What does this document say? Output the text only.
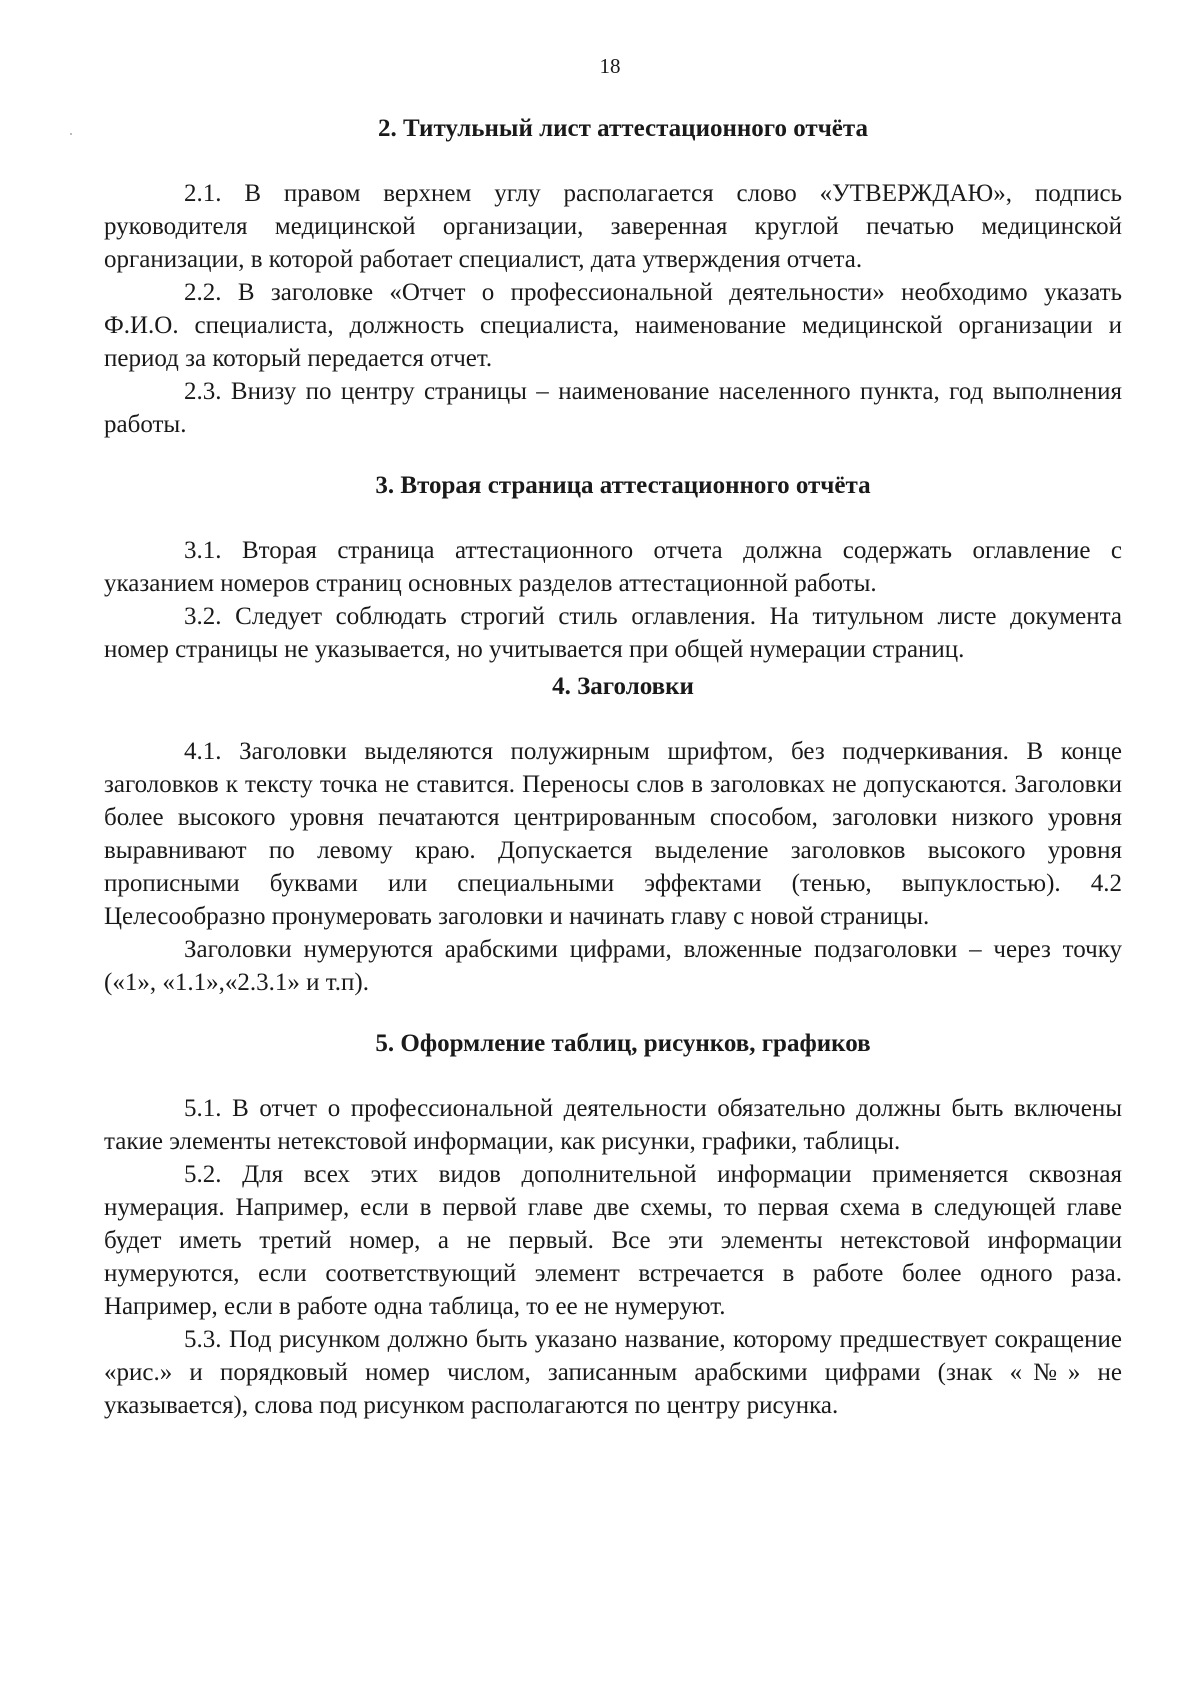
18
2. Титульный лист аттестационного отчёта

2.1. В правом верхнем углу располагается слово «УТВЕРЖДАЮ», подпись руководителя медицинской организации, заверенная круглой печатью медицинской организации, в которой работает специалист, дата утверждения отчета.

2.2. В заголовке «Отчет о профессиональной деятельности» необходимо указать Ф.И.О. специалиста, должность специалиста, наименование медицинской организации и период за который передается отчет.

2.3. Внизу по центру страницы – наименование населенного пункта, год выполнения работы.

3. Вторая страница аттестационного отчёта

3.1. Вторая страница аттестационного отчета должна содержать оглавление с указанием номеров страниц основных разделов аттестационной работы.

3.2. Следует соблюдать строгий стиль оглавления. На титульном листе документа номер страницы не указывается, но учитывается при общей нумерации страниц.

4. Заголовки

4.1. Заголовки выделяются полужирным шрифтом, без подчеркивания. В конце заголовков к тексту точка не ставится. Переносы слов в заголовках не допускаются. Заголовки более высокого уровня печатаются центрированным способом, заголовки низкого уровня выравнивают по левому краю. Допускается выделение заголовков высокого уровня прописными буквами или специальными эффектами (тенью, выпуклостью). 4.2 Целесообразно пронумеровать заголовки и начинать главу с новой страницы.

Заголовки нумеруются арабскими цифрами, вложенные подзаголовки – через точку («1», «1.1»,«2.3.1» и т.п).

5. Оформление таблиц, рисунков, графиков

5.1. В отчет о профессиональной деятельности обязательно должны быть включены такие элементы нетекстовой информации, как рисунки, графики, таблицы.

5.2. Для всех этих видов дополнительной информации применяется сквозная нумерация. Например, если в первой главе две схемы, то первая схема в следующей главе будет иметь третий номер, а не первый. Все эти элементы нетекстовой информации нумеруются, если соответствующий элемент встречается в работе более одного раза. Например, если в работе одна таблица, то ее не нумеруют.

5.3. Под рисунком должно быть указано название, которому предшествует сокращение «рис.» и порядковый номер числом, записанным арабскими цифрами (знак «№» не указывается), слова под рисунком располагаются по центру рисунка.
